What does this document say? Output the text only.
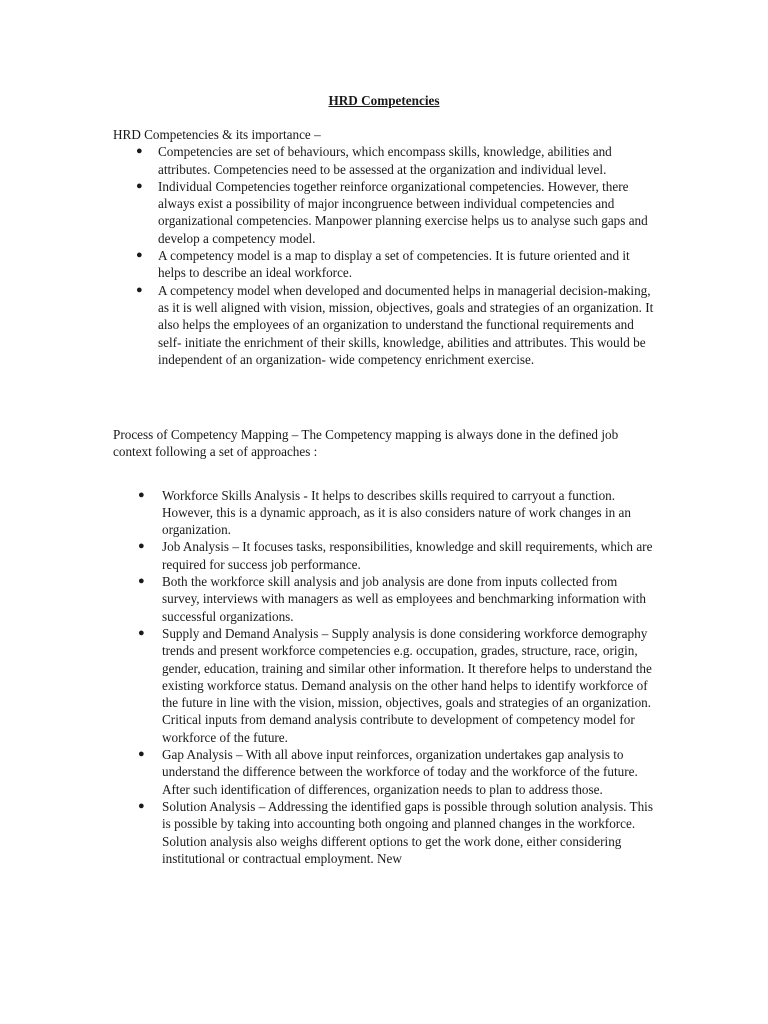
HRD Competencies

HRD Competencies & its importance –

● Competencies are set of behaviours, which encompass skills, knowledge, abilities and attributes. Competencies need to be assessed at the organization and individual level.
● Individual Competencies together reinforce organizational competencies. However, there always exist a possibility of major incongruence between individual competencies and organizational competencies. Manpower planning exercise helps us to analyse such gaps and develop a competency model.
● A competency model is a map to display a set of competencies. It is future oriented and it helps to describe an ideal workforce.
● A competency model when developed and documented helps in managerial decision-making, as it is well aligned with vision, mission, objectives, goals and strategies of an organization. It also helps the employees of an organization to understand the functional requirements and self- initiate the enrichment of their skills, knowledge, abilities and attributes. This would be independent of an organization- wide competency enrichment exercise.

Process of Competency Mapping – The Competency mapping is always done in the defined job context following a set of approaches :

● Workforce Skills Analysis - It helps to describes skills required to carryout a function. However, this is a dynamic approach, as it is also considers nature of work changes in an organization.
● Job Analysis – It focuses tasks, responsibilities, knowledge and skill requirements, which are required for success job performance.
● Both the workforce skill analysis and job analysis are done from inputs collected from survey, interviews with managers as well as employees and benchmarking information with successful organizations.
● Supply and Demand Analysis – Supply analysis is done considering workforce demography trends and present workforce competencies e.g. occupation, grades, structure, race, origin, gender, education, training and similar other information. It therefore helps to understand the existing workforce status. Demand analysis on the other hand helps to identify workforce of the future in line with the vision, mission, objectives, goals and strategies of an organization. Critical inputs from demand analysis contribute to development of competency model for workforce of the future.
● Gap Analysis – With all above input reinforces, organization undertakes gap analysis to understand the difference between the workforce of today and the workforce of the future. After such identification of differences, organization needs to plan to address those.
● Solution Analysis – Addressing the identified gaps is possible through solution analysis. This is possible by taking into accounting both ongoing and planned changes in the workforce. Solution analysis also weighs different options to get the work done, either considering institutional or contractual employment. New
